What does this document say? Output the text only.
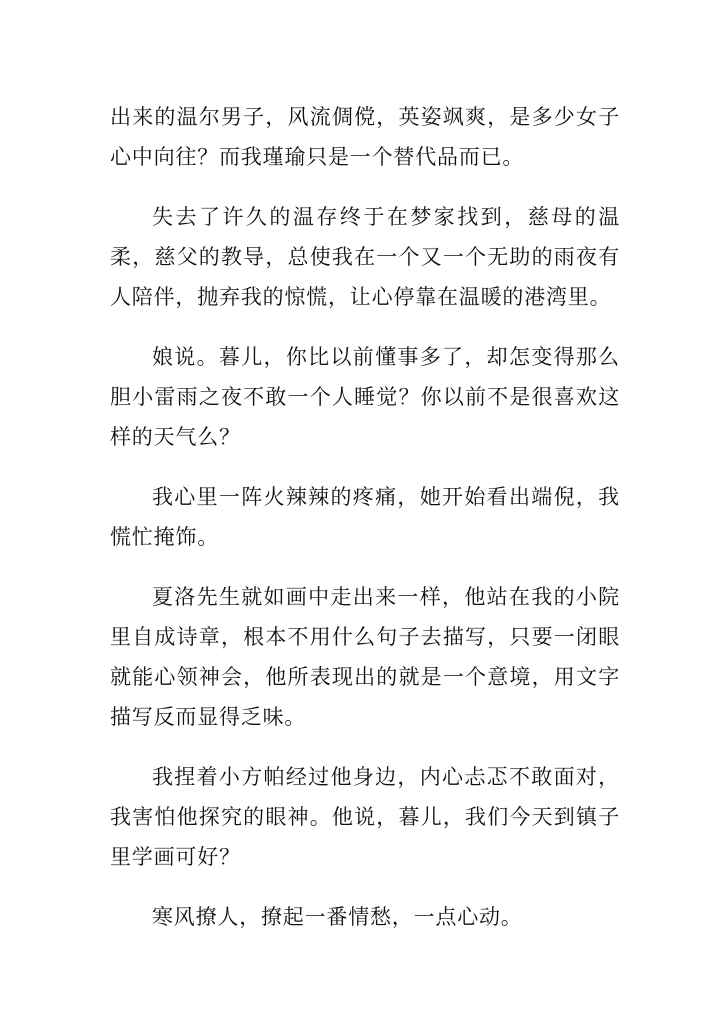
出来的温尔男子，风流倜傥，英姿飒爽，是多少女子心中向往？而我瑾瑜只是一个替代品而已。

失去了许久的温存终于在梦家找到，慈母的温柔，慈父的教导，总使我在一个又一个无助的雨夜有人陪伴，抛弃我的惊慌，让心停靠在温暖的港湾里。

娘说。暮儿，你比以前懂事多了，却怎变得那么胆小雷雨之夜不敢一个人睡觉？你以前不是很喜欢这样的天气么？

我心里一阵火辣辣的疼痛，她开始看出端倪，我慌忙掩饰。

夏洛先生就如画中走出来一样，他站在我的小院里自成诗章，根本不用什么句子去描写，只要一闭眼就能心领神会，他所表现出的就是一个意境，用文字描写反而显得乏味。

我捏着小方帕经过他身边，内心忐忑不敢面对，我害怕他探究的眼神。他说，暮儿，我们今天到镇子里学画可好？

寒风撩人，撩起一番情愁，一点心动。
